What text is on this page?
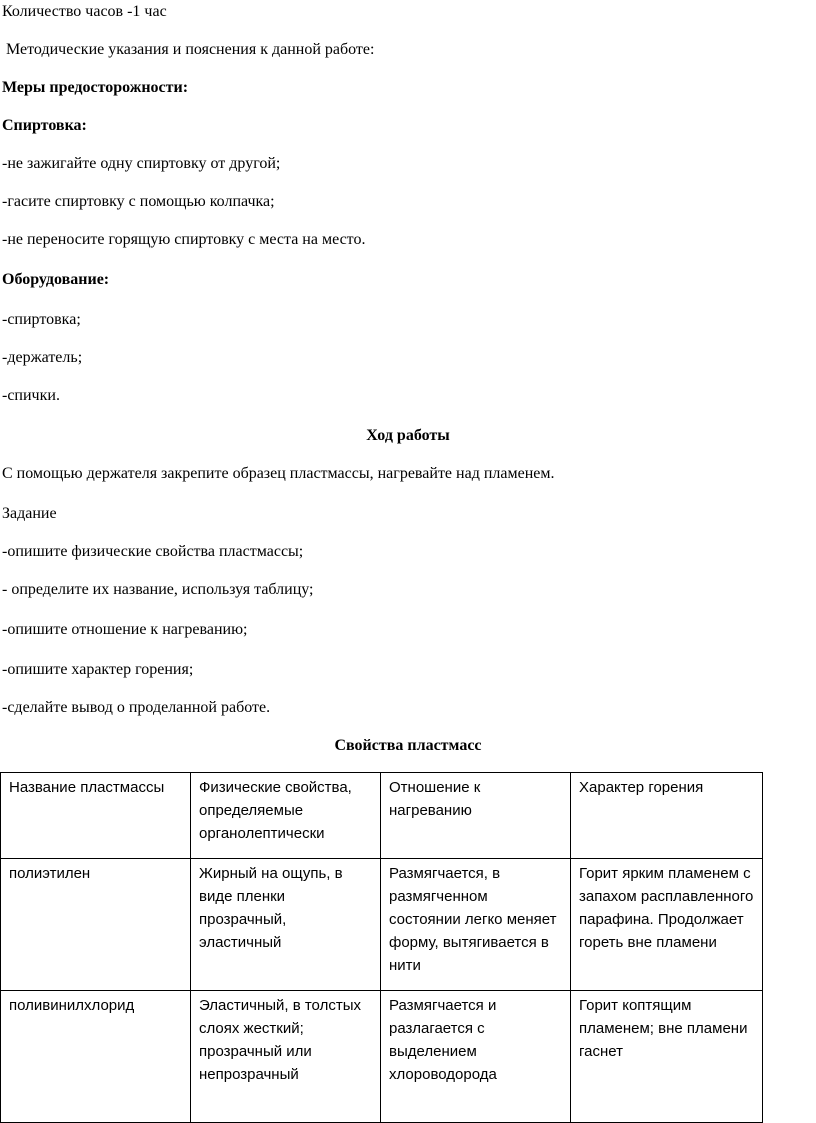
Количество часов -1 час
Методические указания и пояснения к данной работе:
Меры предосторожности:
Спиртовка:
-не зажигайте одну спиртовку от другой;
-гасите спиртовку с помощью колпачка;
-не переносите горящую спиртовку с места на место.
Оборудование:
-спиртовка;
-держатель;
-спички.
Ход работы
С помощью держателя закрепите образец пластмассы, нагревайте над пламенем.
Задание
-опишите физические свойства пластмассы;
- определите их название, используя таблицу;
-опишите отношение к нагреванию;
-опишите характер горения;
-сделайте вывод о проделанной работе.
Свойства пластмасс
Название пластмассы	Физические свойства, определяемые органолептически	Отношение к нагреванию	Характер горения
полиэтилен	Жирный на ощупь, в виде пленки прозрачный, эластичный	Размягчается, в размягченном состоянии легко меняет форму, вытягивается в нити	Горит ярким пламенем с запахом расплавленного парафина. Продолжает гореть вне пламени
поливинилхлорид	Эластичный, в толстых слоях жесткий; прозрачный или непрозрачный	Размягчается и разлагается с выделением хлороводорода	Горит коптящим пламенем; вне пламени гаснет
